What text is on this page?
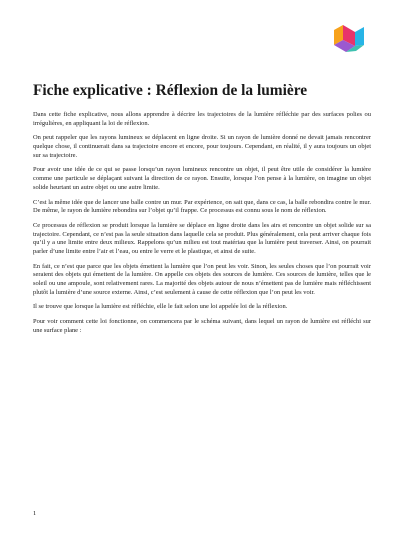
Fiche explicative : Réflexion de la lumière

Dans cette fiche explicative, nous allons apprendre à décrire les trajectoires de la lumière réfléchie par des surfaces polies ou irrégulières, en appliquant la loi de réflexion.

On peut rappeler que les rayons lumineux se déplacent en ligne droite. Si un rayon de lumière donné ne devait jamais rencontrer quelque chose, il continuerait dans sa trajectoire encore et encore, pour toujours. Cependant, en réalité, il y aura toujours un objet sur sa trajectoire.

Pour avoir une idée de ce qui se passe lorsqu’un rayon lumineux rencontre un objet, il peut être utile de considérer la lumière comme une particule se déplaçant suivant la direction de ce rayon. Ensuite, lorsque l’on pense à la lumière, on imagine un objet solide heurtant un autre objet ou une autre limite.

C’est la même idée que de lancer une balle contre un mur. Par expérience, on sait que, dans ce cas, la balle rebondira contre le mur. De même, le rayon de lumière rebondira sur l’objet qu’il frappe. Ce processus est connu sous le nom de réflexion.

Ce processus de réflexion se produit lorsque la lumière se déplace en ligne droite dans les airs et rencontre un objet solide sur sa trajectoire. Cependant, ce n’est pas la seule situation dans laquelle cela se produit. Plus généralement, cela peut arriver chaque fois qu’il y a une limite entre deux milieux. Rappelons qu’un milieu est tout matériau que la lumière peut traverser. Ainsi, on pourrait parler d’une limite entre l’air et l’eau, ou entre le verre et le plastique, et ainsi de suite.

En fait, ce n’est que parce que les objets émettent la lumière que l’on peut les voir. Sinon, les seules choses que l’on pourrait voir seraient des objets qui émettent de la lumière. On appelle ces objets des sources de lumière. Ces sources de lumière, telles que le soleil ou une ampoule, sont relativement rares. La majorité des objets autour de nous n’émettent pas de lumière mais réfléchissent plutôt la lumière d’une source externe. Ainsi, c’est seulement à cause de cette réflexion que l’on peut les voir.

Il se trouve que lorsque la lumière est réfléchie, elle le fait selon une loi appelée loi de la réflexion.

Pour voir comment cette loi fonctionne, on commencera par le schéma suivant, dans lequel un rayon de lumière est réfléchi sur une surface plane :

1
